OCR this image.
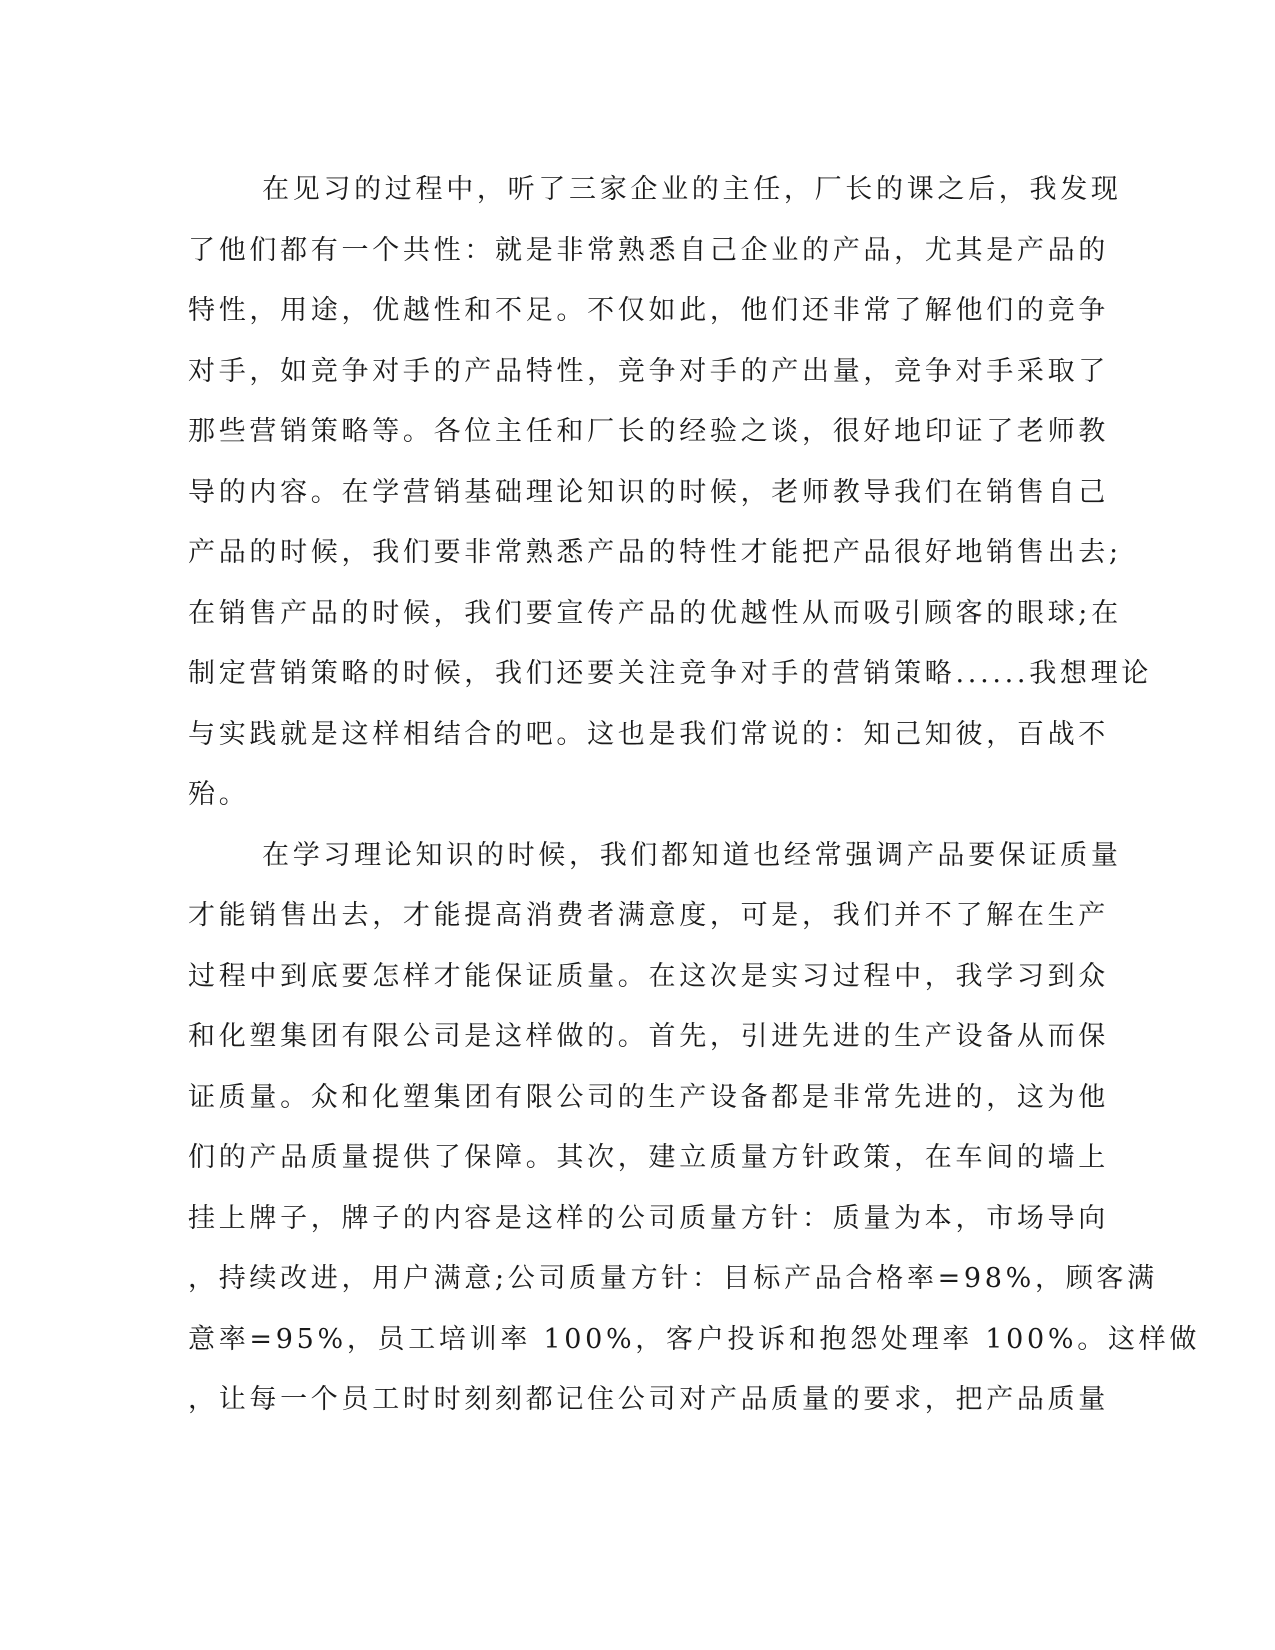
在见习的过程中，听了三家企业的主任，厂长的课之后，我发现
了他们都有一个共性：就是非常熟悉自己企业的产品，尤其是产品的
特性，用途，优越性和不足。不仅如此，他们还非常了解他们的竞争
对手，如竞争对手的产品特性，竞争对手的产出量，竞争对手采取了
那些营销策略等。各位主任和厂长的经验之谈，很好地印证了老师教
导的内容。在学营销基础理论知识的时候，老师教导我们在销售自己
产品的时候，我们要非常熟悉产品的特性才能把产品很好地销售出去;
在销售产品的时候，我们要宣传产品的优越性从而吸引顾客的眼球;在
制定营销策略的时候，我们还要关注竞争对手的营销策略......我想理论
与实践就是这样相结合的吧。这也是我们常说的：知己知彼，百战不
殆。
在学习理论知识的时候，我们都知道也经常强调产品要保证质量
才能销售出去，才能提高消费者满意度，可是，我们并不了解在生产
过程中到底要怎样才能保证质量。在这次是实习过程中，我学习到众
和化塑集团有限公司是这样做的。首先，引进先进的生产设备从而保
证质量。众和化塑集团有限公司的生产设备都是非常先进的，这为他
们的产品质量提供了保障。其次，建立质量方针政策，在车间的墙上
挂上牌子，牌子的内容是这样的公司质量方针：质量为本，市场导向
，持续改进，用户满意;公司质量方针：目标产品合格率=98%，顾客满
意率=95%，员工培训率 100%，客户投诉和抱怨处理率 100%。这样做
，让每一个员工时时刻刻都记住公司对产品质量的要求，把产品质量
